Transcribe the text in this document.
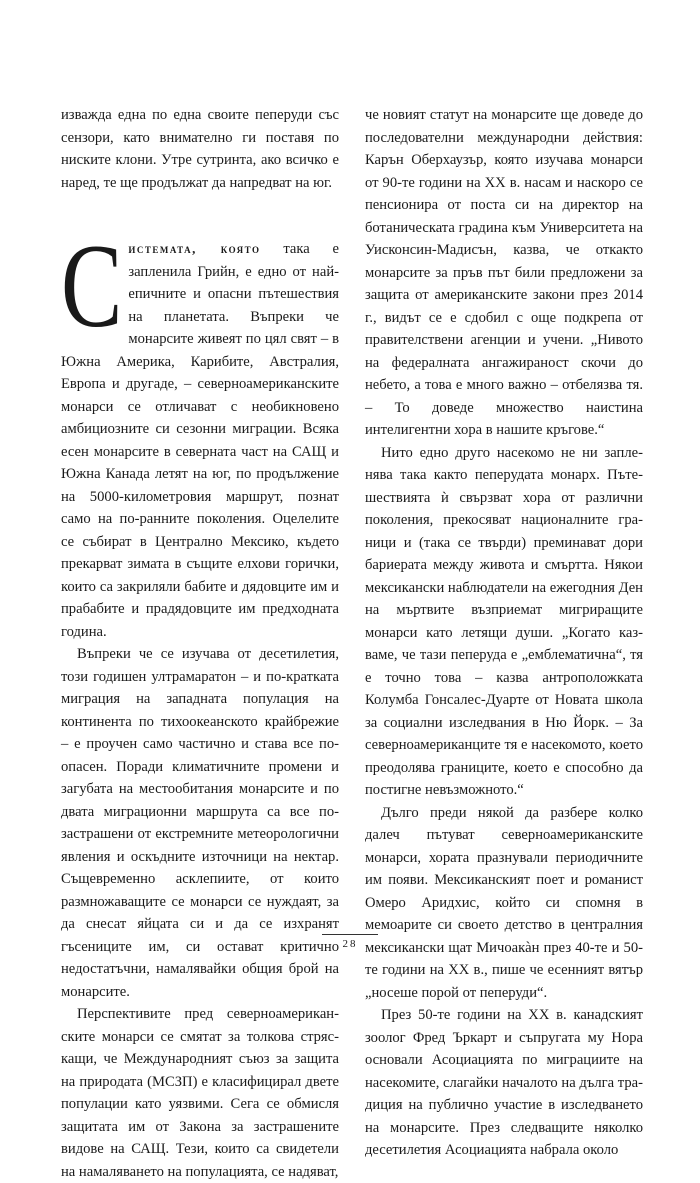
изважда една по една своите пеперуди със сензори, като внимателно ги поставя по ниските клони. Утре сутринта, ако всичко е наред, те ще продължат да напредват на юг.

С истемата, която така е запленила Грийн, е едно от най-епичните и опасни пътешествия на планетата. Въпреки че монарсите живеят по цял свят – в Южна Америка, Карибите, Австралия, Европа и другаде, – северноамериканските монарси се отличават с необикновено амбициозните си сезонни миграции. Всяка есен монарсите в северната част на САЩ и Южна Канада летят на юг, по продължение на 5000-километровия маршрут, познат само на по-ранните поколения. Оцелелите се събират в Централно Мексико, където прекарват зимата в същите елхови горички, които са закриляли бабите и дядовците им и прабабите и прадядовците им предходната година.

Въпреки че се изучава от десетилетия, този годишен ултрамаратон – и по-кратката миграция на западната популация на континента по тихоокеанското крайбрежие – е проучен само частично и става все по-опасен. Поради климатичните промени и загубата на местообитания монарсите и по двата миграционни маршрута са все по-застрашени от екстремните метеорологични явления и оскъдните източници на нектар. Същевременно асклепиите, от които размножаващите се монарси се нуждаят, за да снесат яйцата си и да се изхранят гъсениците им, си остават критично недостатъчни, намалявайки общия брой на монарсите.

Перспективите пред северноамериканските монарси се смятат за толкова стряскащи, че Международният съюз за защита на природата (МСЗП) е класифицирал двете популации като уязвими. Сега се обмисля защитата им от Закона за застрашените видове на САЩ. Тези, които са свидетели на намаляването на популацията, се надяват,

че новият статут на монарсите ще доведе до последователни международни действия: Карън Оберхаузър, която изучава монарси от 90-те години на XX в. насам и наскоро се пенсионира от поста си на директор на ботаническата градина към Университета на Уисконсин-Мадисън, казва, че откакто монарсите за пръв път били предложени за защита от американските закони през 2014 г., видът се е сдобил с още подкрепа от правителствени агенции и учени. „Нивото на федералната ангажираност скочи до небето, а това е много важно – отбелязва тя. – То доведе множество наистина интелигентни хора в нашите кръгове.“

Нито едно друго насекомо не ни запленява така както пеперудата монарх. Пътешествията ѝ свързват хора от различни поколения, прекосяват националните граници и (така се твърди) преминават дори бариерата между живота и смъртта. Някои мексикански наблюдатели на ежегодния Ден на мъртвите възприемат мигриращите монарси като летящи души. „Когато казваме, че тази пеперуда е „емблематична“, тя е точно това – казва антроположката Колумба Гонсалес-Дуарте от Новата школа за социални изследвания в Ню Йорк. – За северноамериканците тя е насекомото, което преодолява границите, което е способно да постигне невъзможното.“

Дълго преди някой да разбере колко далеч пътуват северноамериканските монарси, хората празнували периодичните им появи. Мексиканският поет и романист Омеро Аридхис, който си спомня в мемоарите си своето детство в централния мексикански щат Мичоакàн през 40-те и 50-те години на XX в., пише че есенният вятър „носеше порой от пеперуди“.

През 50-те години на XX в. канадският зоолог Фред Ъркарт и съпругата му Нора основали Асоциацията по миграциите на насекомите, слагайки началото на дълга традиция на публично участие в изследването на монарсите. През следващите няколко десетилетия Асоциацията набрала около

28
